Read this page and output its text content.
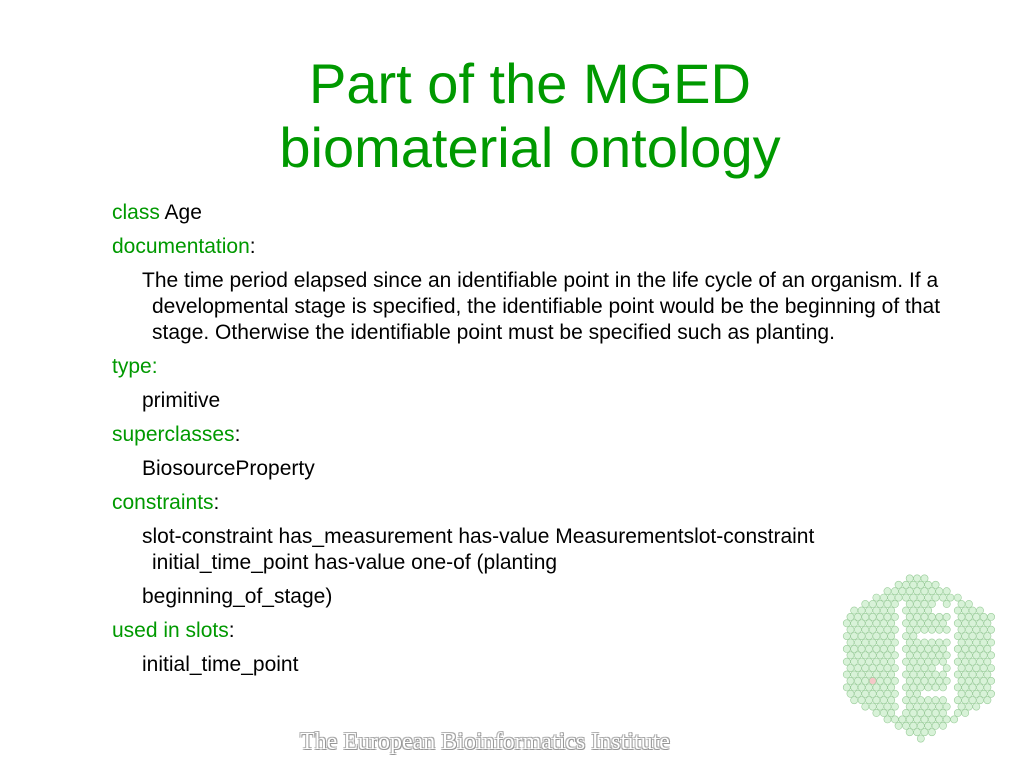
Part of the MGED
biomaterial ontology

class Age

documentation:

The time period elapsed since an identifiable point in the life cycle of an organism. If a developmental stage is specified, the identifiable point would be the beginning of that stage. Otherwise the identifiable point must be specified such as planting.

type:

primitive

superclasses:

BiosourceProperty

constraints:

slot-constraint has_measurement has-value Measurementslot-constraint initial_time_point has-value one-of (planting

beginning_of_stage)

used in slots:

initial_time_point

The European Bioinformatics Institute
